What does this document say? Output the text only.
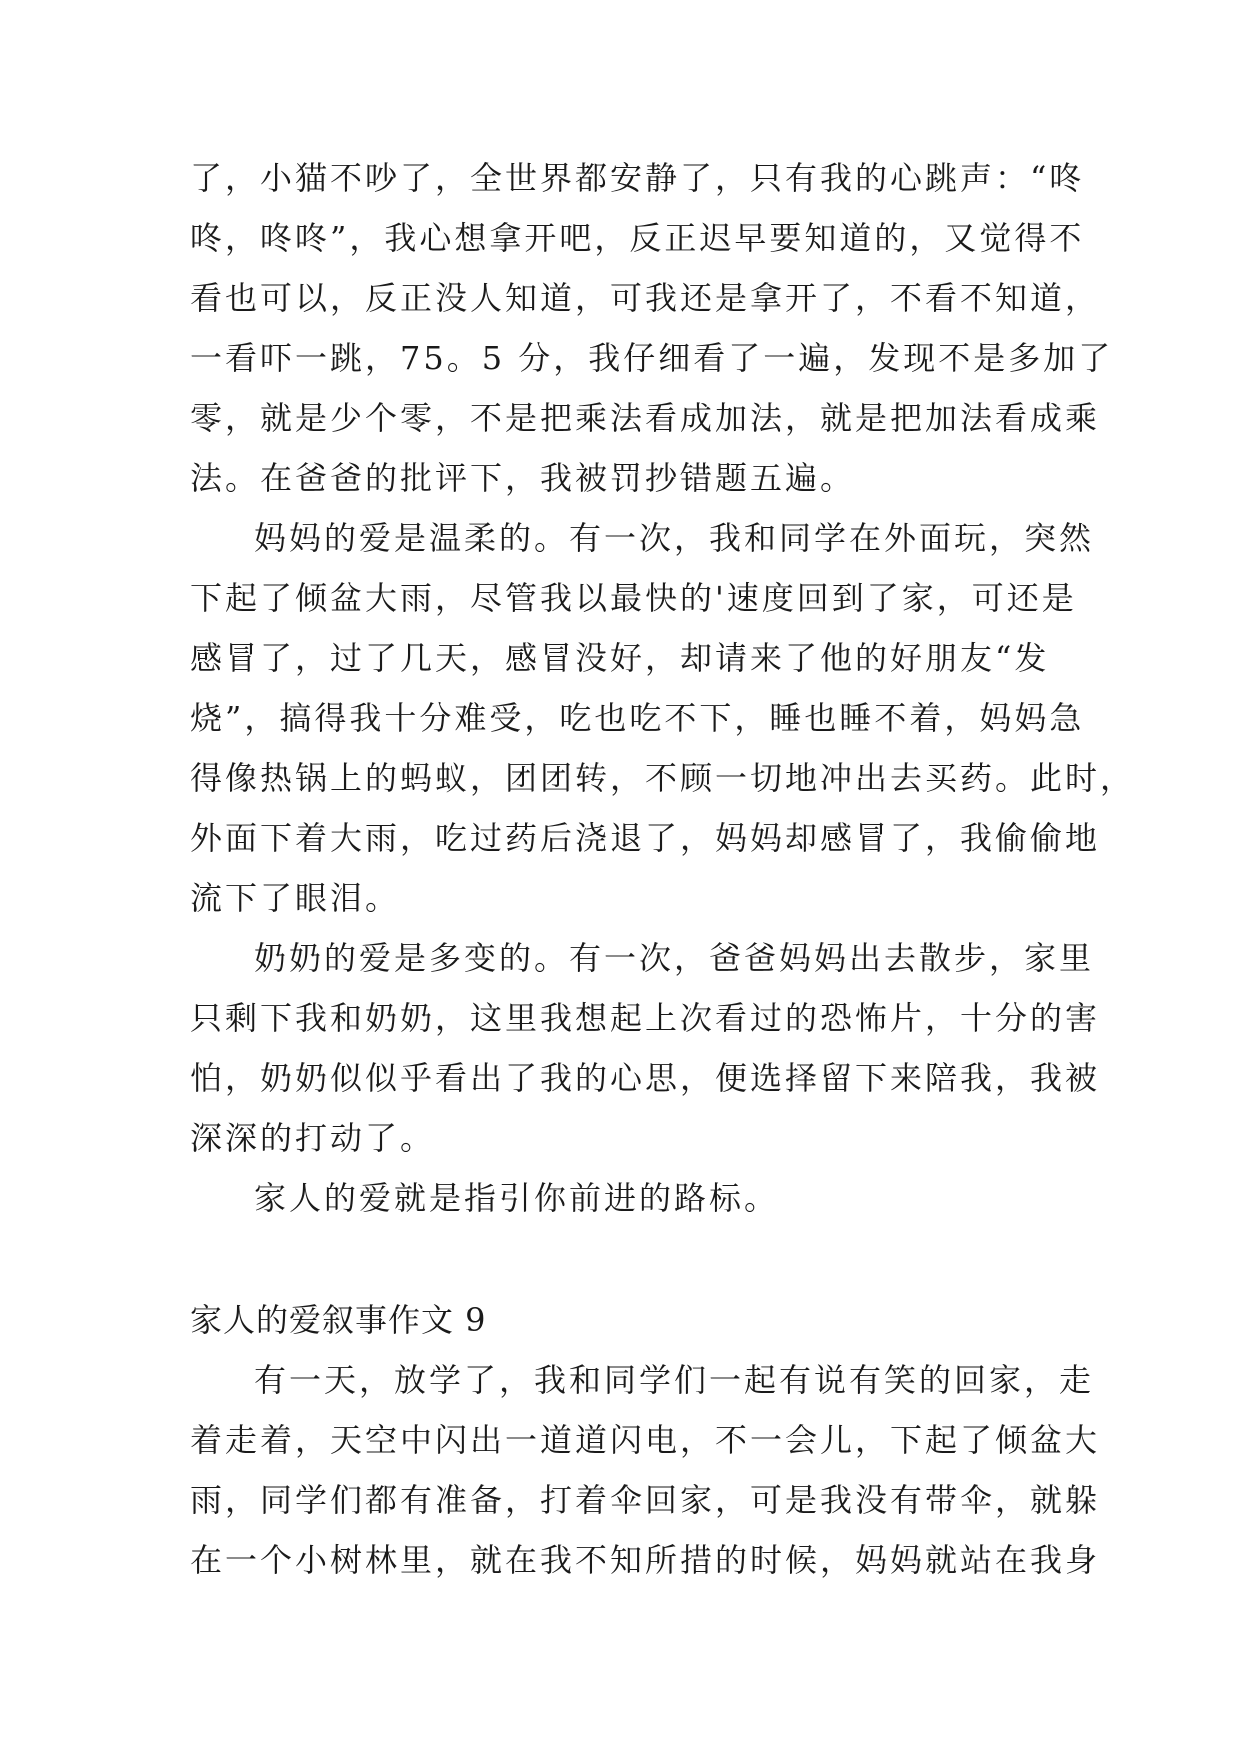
了，小猫不吵了，全世界都安静了，只有我的心跳声：“咚
咚，咚咚”，我心想拿开吧，反正迟早要知道的，又觉得不
看也可以，反正没人知道，可我还是拿开了，不看不知道，
一看吓一跳，75。5 分，我仔细看了一遍，发现不是多加了
零，就是少个零，不是把乘法看成加法，就是把加法看成乘
法。在爸爸的批评下，我被罚抄错题五遍。
妈妈的爱是温柔的。有一次，我和同学在外面玩，突然
下起了倾盆大雨，尽管我以最快的'速度回到了家，可还是
感冒了，过了几天，感冒没好，却请来了他的好朋友“发
烧”，搞得我十分难受，吃也吃不下，睡也睡不着，妈妈急
得像热锅上的蚂蚁，团团转，不顾一切地冲出去买药。此时，
外面下着大雨，吃过药后浇退了，妈妈却感冒了，我偷偷地
流下了眼泪。
奶奶的爱是多变的。有一次，爸爸妈妈出去散步，家里
只剩下我和奶奶，这里我想起上次看过的恐怖片，十分的害
怕，奶奶似似乎看出了我的心思，便选择留下来陪我，我被
深深的打动了。
家人的爱就是指引你前进的路标。
家人的爱叙事作文 9
有一天，放学了，我和同学们一起有说有笑的回家，走
着走着，天空中闪出一道道闪电，不一会儿，下起了倾盆大
雨，同学们都有准备，打着伞回家，可是我没有带伞，就躲
在一个小树林里，就在我不知所措的时候，妈妈就站在我身
